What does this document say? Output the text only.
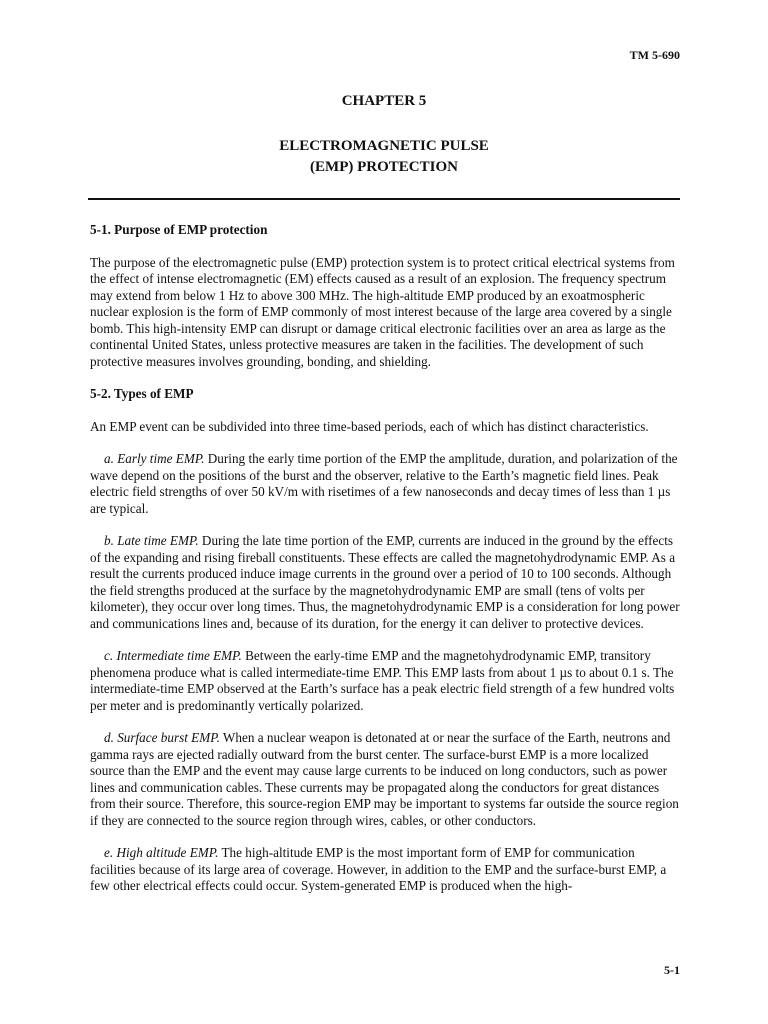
TM 5-690
CHAPTER 5
ELECTROMAGNETIC PULSE
(EMP) PROTECTION
5-1. Purpose of EMP protection

The purpose of the electromagnetic pulse (EMP) protection system is to protect critical electrical systems from the effect of intense electromagnetic (EM) effects caused as a result of an explosion. The frequency spectrum may extend from below 1 Hz to above 300 MHz. The high-altitude EMP produced by an exoatmospheric nuclear explosion is the form of EMP commonly of most interest because of the large area covered by a single bomb. This high-intensity EMP can disrupt or damage critical electronic facilities over an area as large as the continental United States, unless protective measures are taken in the facilities. The development of such protective measures involves grounding, bonding, and shielding.

5-2. Types of EMP

An EMP event can be subdivided into three time-based periods, each of which has distinct characteristics.

a. Early time EMP. During the early time portion of the EMP the amplitude, duration, and polarization of the wave depend on the positions of the burst and the observer, relative to the Earth’s magnetic field lines. Peak electric field strengths of over 50 kV/m with risetimes of a few nanoseconds and decay times of less than 1 µs are typical.

b. Late time EMP. During the late time portion of the EMP, currents are induced in the ground by the effects of the expanding and rising fireball constituents. These effects are called the magnetohydrodynamic EMP. As a result the currents produced induce image currents in the ground over a period of 10 to 100 seconds. Although the field strengths produced at the surface by the magnetohydrodynamic EMP are small (tens of volts per kilometer), they occur over long times. Thus, the magnetohydrodynamic EMP is a consideration for long power and communications lines and, because of its duration, for the energy it can deliver to protective devices.

c. Intermediate time EMP. Between the early-time EMP and the magnetohydrodynamic EMP, transitory phenomena produce what is called intermediate-time EMP. This EMP lasts from about 1 µs to about 0.1 s. The intermediate-time EMP observed at the Earth’s surface has a peak electric field strength of a few hundred volts per meter and is predominantly vertically polarized.

d. Surface burst EMP. When a nuclear weapon is detonated at or near the surface of the Earth, neutrons and gamma rays are ejected radially outward from the burst center. The surface-burst EMP is a more localized source than the EMP and the event may cause large currents to be induced on long conductors, such as power lines and communication cables. These currents may be propagated along the conductors for great distances from their source. Therefore, this source-region EMP may be important to systems far outside the source region if they are connected to the source region through wires, cables, or other conductors.

e. High altitude EMP. The high-altitude EMP is the most important form of EMP for communication facilities because of its large area of coverage. However, in addition to the EMP and the surface-burst EMP, a few other electrical effects could occur. System-generated EMP is produced when the high-

5-1
